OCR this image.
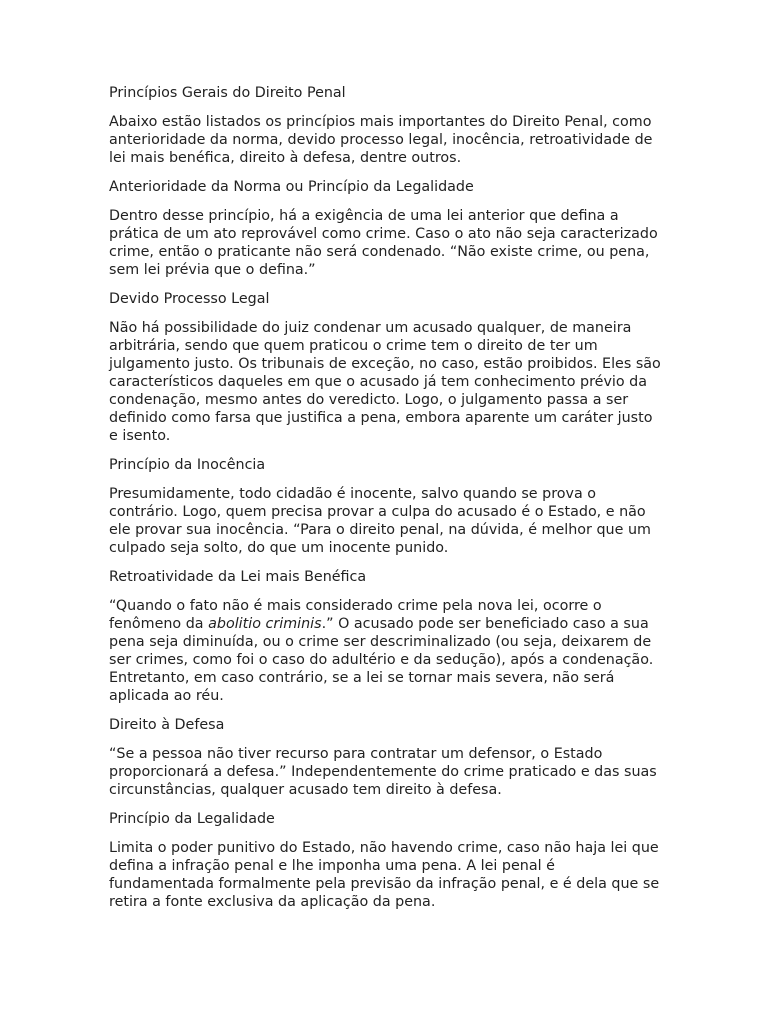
Princípios Gerais do Direito Penal

Abaixo estão listados os princípios mais importantes do Direito Penal, como anterioridade da norma, devido processo legal, inocência, retroatividade de lei mais benéfica, direito à defesa, dentre outros.

Anterioridade da Norma ou Princípio da Legalidade

Dentro desse princípio, há a exigência de uma lei anterior que defina a prática de um ato reprovável como crime. Caso o ato não seja caracterizado crime, então o praticante não será condenado. “Não existe crime, ou pena, sem lei prévia que o defina.”

Devido Processo Legal

Não há possibilidade do juiz condenar um acusado qualquer, de maneira arbitrária, sendo que quem praticou o crime tem o direito de ter um julgamento justo. Os tribunais de exceção, no caso, estão proibidos. Eles são característicos daqueles em que o acusado já tem conhecimento prévio da condenação, mesmo antes do veredicto. Logo, o julgamento passa a ser definido como farsa que justifica a pena, embora aparente um caráter justo e isento.

Princípio da Inocência

Presumidamente, todo cidadão é inocente, salvo quando se prova o contrário. Logo, quem precisa provar a culpa do acusado é o Estado, e não ele provar sua inocência. “Para o direito penal, na dúvida, é melhor que um culpado seja solto, do que um inocente punido.

Retroatividade da Lei mais Benéfica

“Quando o fato não é mais considerado crime pela nova lei, ocorre o fenômeno da abolitio criminis.” O acusado pode ser beneficiado caso a sua pena seja diminuída, ou o crime ser descriminalizado (ou seja, deixarem de ser crimes, como foi o caso do adultério e da sedução), após a condenação. Entretanto, em caso contrário, se a lei se tornar mais severa, não será aplicada ao réu.

Direito à Defesa

“Se a pessoa não tiver recurso para contratar um defensor, o Estado proporcionará a defesa.” Independentemente do crime praticado e das suas circunstâncias, qualquer acusado tem direito à defesa.

Princípio da Legalidade

Limita o poder punitivo do Estado, não havendo crime, caso não haja lei que defina a infração penal e lhe imponha uma pena. A lei penal é fundamentada formalmente pela previsão da infração penal, e é dela que se retira a fonte exclusiva da aplicação da pena.
